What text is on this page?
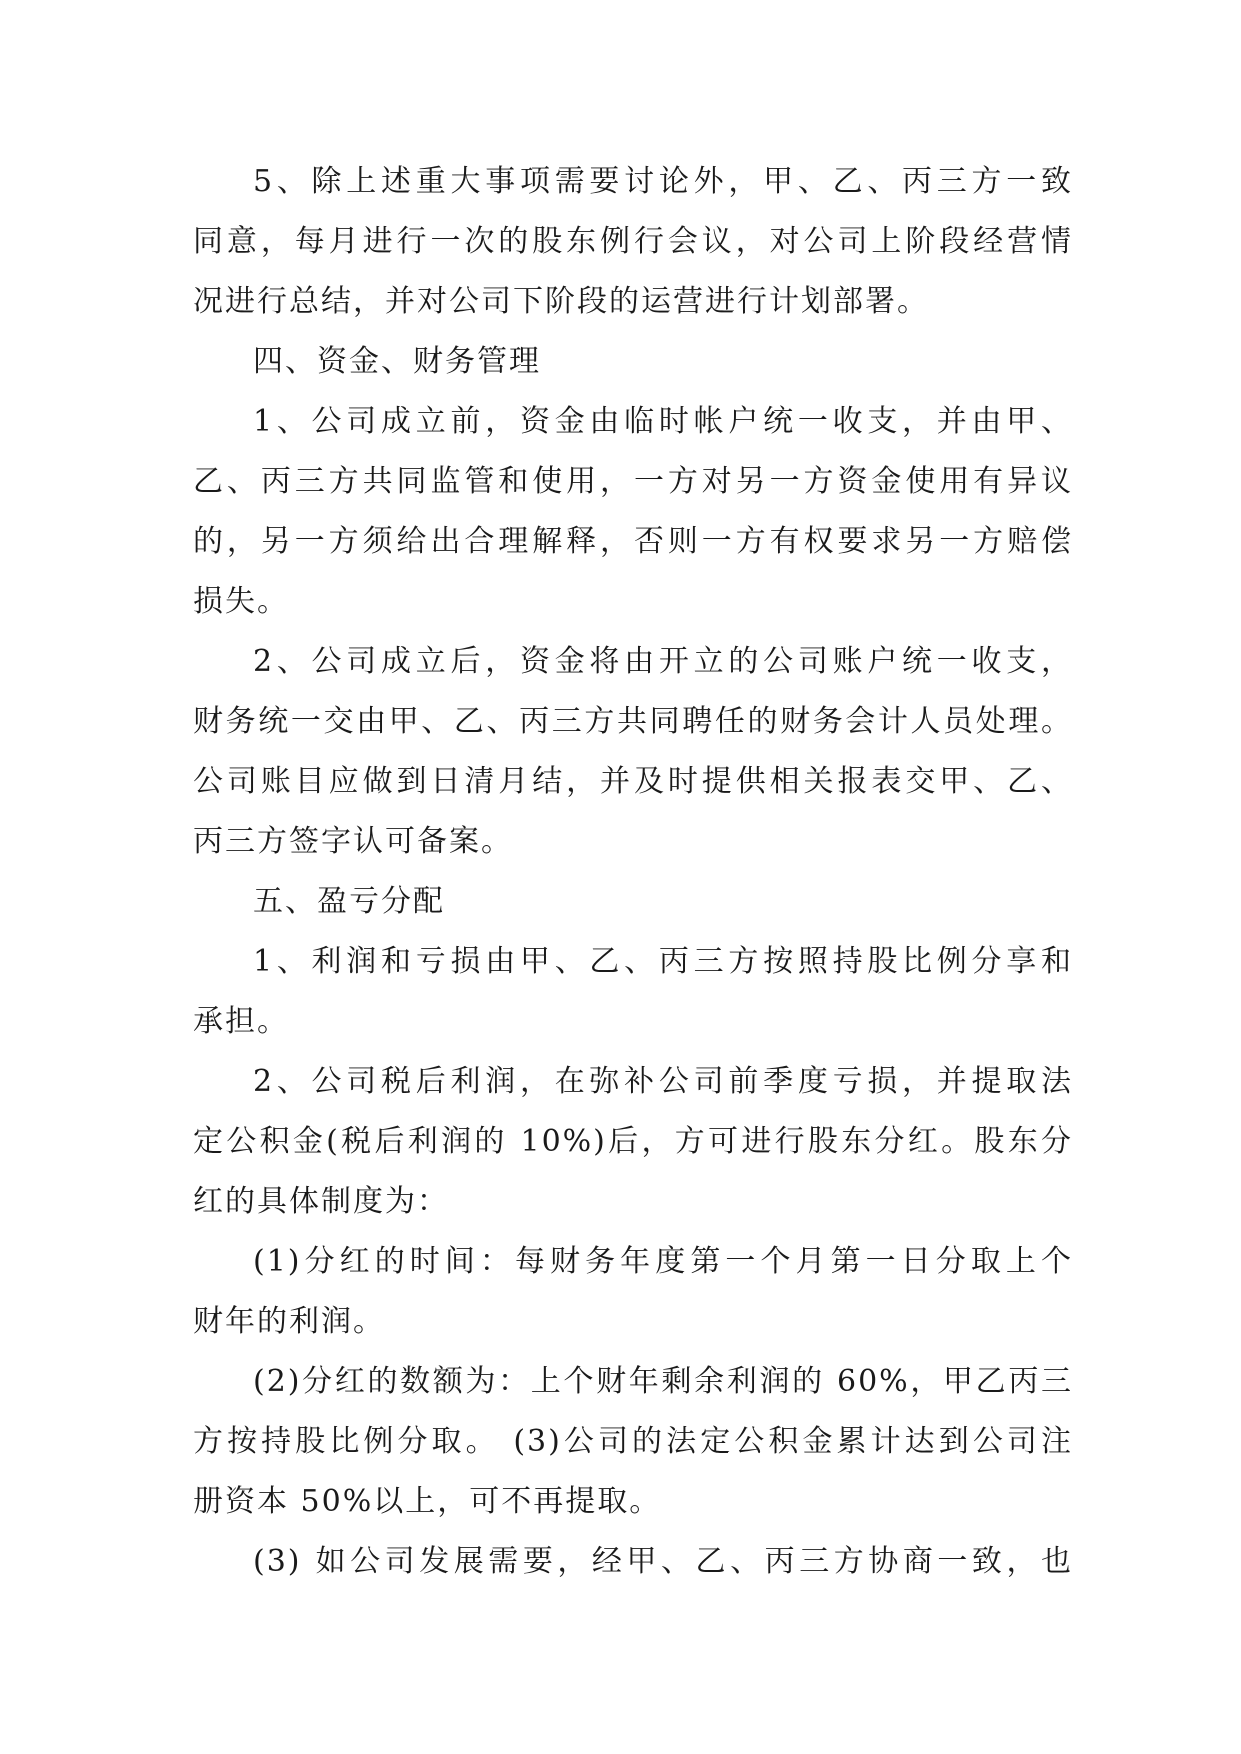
5、除上述重大事项需要讨论外，甲、乙、丙三方一致
同意，每月进行一次的股东例行会议，对公司上阶段经营情
况进行总结，并对公司下阶段的运营进行计划部署。
四、资金、财务管理
1、公司成立前，资金由临时帐户统一收支，并由甲、
乙、丙三方共同监管和使用，一方对另一方资金使用有异议
的，另一方须给出合理解释，否则一方有权要求另一方赔偿
损失。
2、公司成立后，资金将由开立的公司账户统一收支，
财务统一交由甲、乙、丙三方共同聘任的财务会计人员处理。
公司账目应做到日清月结，并及时提供相关报表交甲、乙、
丙三方签字认可备案。
五、盈亏分配
1、利润和亏损由甲、乙、丙三方按照持股比例分享和
承担。
2、公司税后利润，在弥补公司前季度亏损，并提取法
定公积金(税后利润的 10%)后，方可进行股东分红。股东分
红的具体制度为：
(1)分红的时间：每财务年度第一个月第一日分取上个
财年的利润。
(2)分红的数额为：上个财年剩余利润的 60%，甲乙丙三
方按持股比例分取。 (3)公司的法定公积金累计达到公司注
册资本 50%以上，可不再提取。
(3) 如公司发展需要，经甲、乙、丙三方协商一致，也
